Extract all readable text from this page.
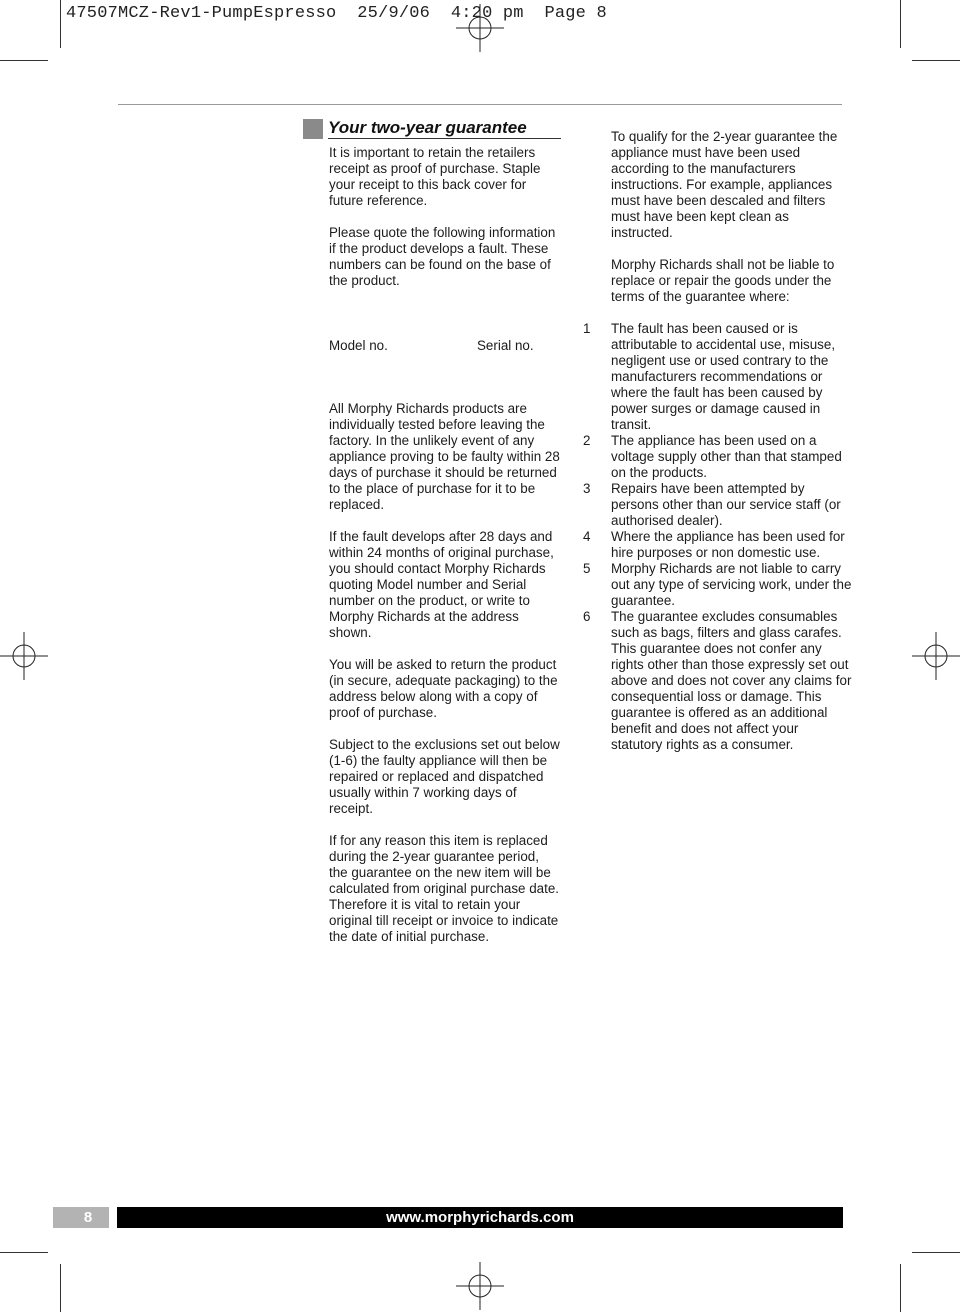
47507MCZ-Rev1-PumpEspresso  25/9/06  4:20 pm  Page 8
Your two-year guarantee

It is important to retain the retailers receipt as proof of purchase. Staple your receipt to this back cover for future reference.

Please quote the following information if the product develops a fault. These numbers can be found on the base of the product.

Model no.	Serial no.

All Morphy Richards products are individually tested before leaving the factory. In the unlikely event of any appliance proving to be faulty within 28 days of purchase it should be returned to the place of purchase for it to be replaced.

If the fault develops after 28 days and within 24 months of original purchase, you should contact Morphy Richards quoting Model number and Serial number on the product, or write to Morphy Richards at the address shown.

You will be asked to return the product (in secure, adequate packaging) to the address below along with a copy of proof of purchase.

Subject to the exclusions set out below (1-6) the faulty appliance will then be repaired or replaced and dispatched usually within 7 working days of receipt.

If for any reason this item is replaced during the 2-year guarantee period, the guarantee on the new item will be calculated from original purchase date. Therefore it is vital to retain your original till receipt or invoice to indicate the date of initial purchase.

To qualify for the 2-year guarantee the appliance must have been used according to the manufacturers instructions. For example, appliances must have been descaled and filters must have been kept clean as instructed.

Morphy Richards shall not be liable to replace or repair the goods under the terms of the guarantee where:

1 The fault has been caused or is attributable to accidental use, misuse, negligent use or used contrary to the manufacturers recommendations or where the fault has been caused by power surges or damage caused in transit.
2 The appliance has been used on a voltage supply other than that stamped on the products.
3 Repairs have been attempted by persons other than our service staff (or authorised dealer).
4 Where the appliance has been used for hire purposes or non domestic use.
5 Morphy Richards are not liable to carry out any type of servicing work, under the guarantee.
6 The guarantee excludes consumables such as bags, filters and glass carafes.

This guarantee does not confer any rights other than those expressly set out above and does not cover any claims for consequential loss or damage. This guarantee is offered as an additional benefit and does not affect your statutory rights as a consumer.

8	www.morphyrichards.com
